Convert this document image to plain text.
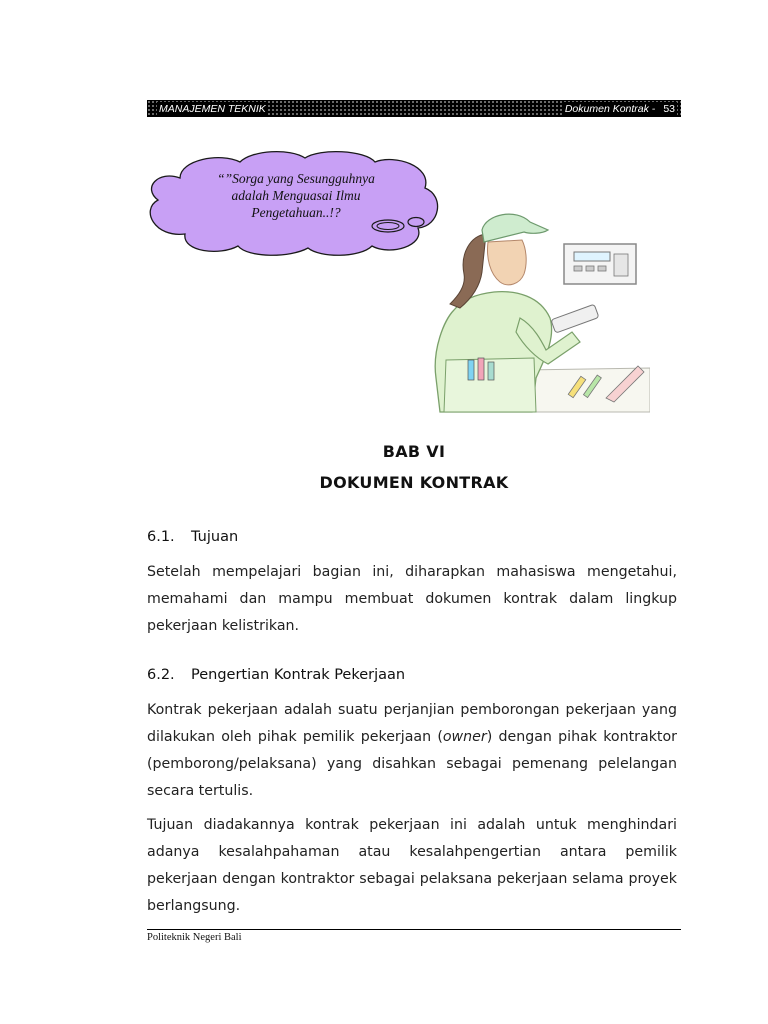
MANAJEMEN TEKNIK	Dokumen Kontrak - 53
“”Sorga yang Sesungguhnya
adalah Menguasai Ilmu
Pengetahuan..!?
BAB VI
DOKUMEN KONTRAK
6.1. Tujuan

Setelah mempelajari bagian ini, diharapkan mahasiswa mengetahui, memahami dan mampu membuat dokumen kontrak dalam lingkup pekerjaan kelistrikan.

6.2. Pengertian Kontrak Pekerjaan

Kontrak pekerjaan adalah suatu perjanjian pemborongan pekerjaan yang dilakukan oleh pihak pemilik pekerjaan (owner) dengan pihak kontraktor (pemborong/pelaksana) yang disahkan sebagai pemenang pelelangan secara tertulis.

Tujuan diadakannya kontrak pekerjaan ini adalah untuk menghindari adanya kesalahpahaman atau kesalahpengertian antara pemilik pekerjaan dengan kontraktor sebagai pelaksana pekerjaan selama proyek berlangsung.

Politeknik Negeri Bali
